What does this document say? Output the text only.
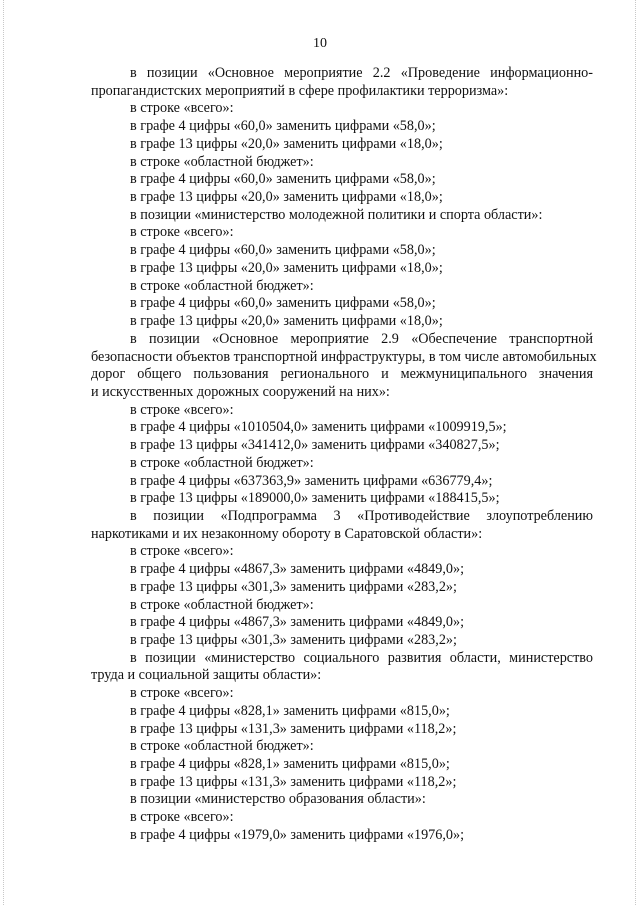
10
в позиции «Основное мероприятие 2.2 «Проведение информационно-
пропагандистских мероприятий в сфере профилактики терроризма»:
в строке «всего»:
в графе 4 цифры «60,0» заменить цифрами «58,0»;
в графе 13 цифры «20,0» заменить цифрами «18,0»;
в строке «областной бюджет»:
в графе 4 цифры «60,0» заменить цифрами «58,0»;
в графе 13 цифры «20,0» заменить цифрами «18,0»;
в позиции «министерство молодежной политики и спорта области»:
в строке «всего»:
в графе 4 цифры «60,0» заменить цифрами «58,0»;
в графе 13 цифры «20,0» заменить цифрами «18,0»;
в строке «областной бюджет»:
в графе 4 цифры «60,0» заменить цифрами «58,0»;
в графе 13 цифры «20,0» заменить цифрами «18,0»;
в позиции «Основное мероприятие 2.9 «Обеспечение транспортной
безопасности объектов транспортной инфраструктуры, в том числе автомобильных
дорог общего пользования регионального и межмуниципального значения
и искусственных дорожных сооружений на них»:
в строке «всего»:
в графе 4 цифры «1010504,0» заменить цифрами «1009919,5»;
в графе 13 цифры «341412,0» заменить цифрами «340827,5»;
в строке «областной бюджет»:
в графе 4 цифры «637363,9» заменить цифрами «636779,4»;
в графе 13 цифры «189000,0» заменить цифрами «188415,5»;
в позиции «Подпрограмма 3 «Противодействие злоупотреблению
наркотиками и их незаконному обороту в Саратовской области»:
в строке «всего»:
в графе 4 цифры «4867,3» заменить цифрами «4849,0»;
в графе 13 цифры «301,3» заменить цифрами «283,2»;
в строке «областной бюджет»:
в графе 4 цифры «4867,3» заменить цифрами «4849,0»;
в графе 13 цифры «301,3» заменить цифрами «283,2»;
в позиции «министерство социального развития области, министерство
труда и социальной защиты области»:
в строке «всего»:
в графе 4 цифры «828,1» заменить цифрами «815,0»;
в графе 13 цифры «131,3» заменить цифрами «118,2»;
в строке «областной бюджет»:
в графе 4 цифры «828,1» заменить цифрами «815,0»;
в графе 13 цифры «131,3» заменить цифрами «118,2»;
в позиции «министерство образования области»:
в строке «всего»:
в графе 4 цифры «1979,0» заменить цифрами «1976,0»;
